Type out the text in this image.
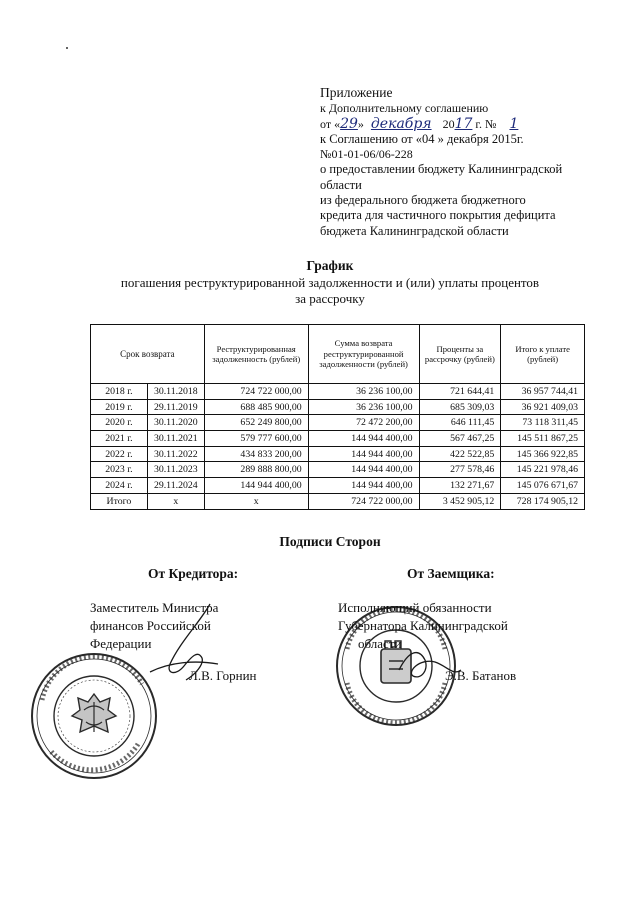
Приложение
к Дополнительному соглашению
от «29» декабря 2017 г. № 1
к Соглашению от «04 » декабря 2015г.
№01-01-06/06-228
о предоставлении бюджету Калининградской
области
из федерального бюджета бюджетного
кредита для частичного покрытия дефицита
бюджета Калининградской области
График
погашения реструктурированной задолженности и (или) уплаты процентов
за рассрочку
Срок возврата		Реструктурированная задолженность (рублей)	Сумма возврата реструктурированной задолженности (рублей)	Проценты за рассрочку (рублей)	Итого к уплате (рублей)
2018 г.	30.11.2018	724 722 000,00	36 236 100,00	721 644,41	36 957 744,41
2019 г.	29.11.2019	688 485 900,00	36 236 100,00	685 309,03	36 921 409,03
2020 г.	30.11.2020	652 249 800,00	72 472 200,00	646 111,45	73 118 311,45
2021 г.	30.11.2021	579 777 600,00	144 944 400,00	567 467,25	145 511 867,25
2022 г.	30.11.2022	434 833 200,00	144 944 400,00	422 522,85	145 366 922,85
2023 г.	30.11.2023	289 888 800,00	144 944 400,00	277 578,46	145 221 978,46
2024 г.	29.11.2024	144 944 400,00	144 944 400,00	132 271,67	145 076 671,67
Итого	x	x	724 722 000,00	3 452 905,12	728 174 905,12
Подписи Сторон
От Кредитора:	От Заемщика:
Заместитель Министра
финансов Российской
Федерации
Л.В. Горнин
Исполняющий обязанности
Губернатора Калининградской
области
Э.В. Батанов
